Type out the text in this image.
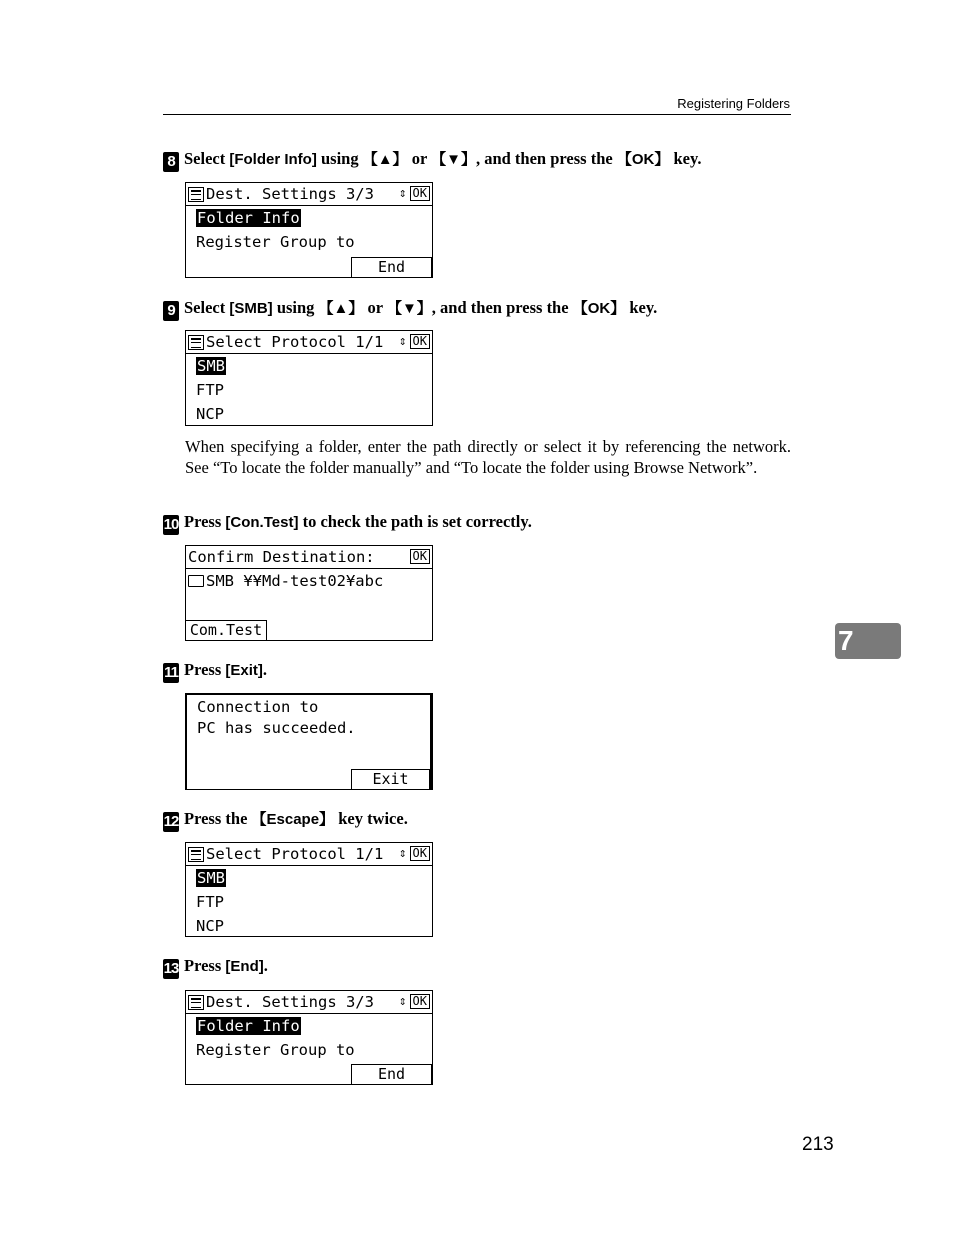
Registering Folders
8 Select [Folder Info] using 【▲】 or 【▼】, and then press the 【OK】 key.
Dest. Settings 3/3 ⇕ OK
Folder Info
Register Group to
End
9 Select [SMB] using 【▲】 or 【▼】, and then press the 【OK】 key.
Select Protocol 1/1 ⇕ OK
SMB
FTP
NCP
When specifying a folder, enter the path directly or select it by referencing the network. See “To locate the folder manually” and “To locate the folder using Browse Network”.
10 Press [Con.Test] to check the path is set correctly.
Confirm Destination:	OK
SMB ¥¥Md-test02¥abc
Com.Test
11 Press [Exit].
Connection to
PC has succeeded.
Exit
12 Press the 【Escape】 key twice.
Select Protocol 1/1 ⇕ OK
SMB
FTP
NCP
13 Press [End].
Dest. Settings 3/3 ⇕ OK
Folder Info
Register Group to
End
7
213
